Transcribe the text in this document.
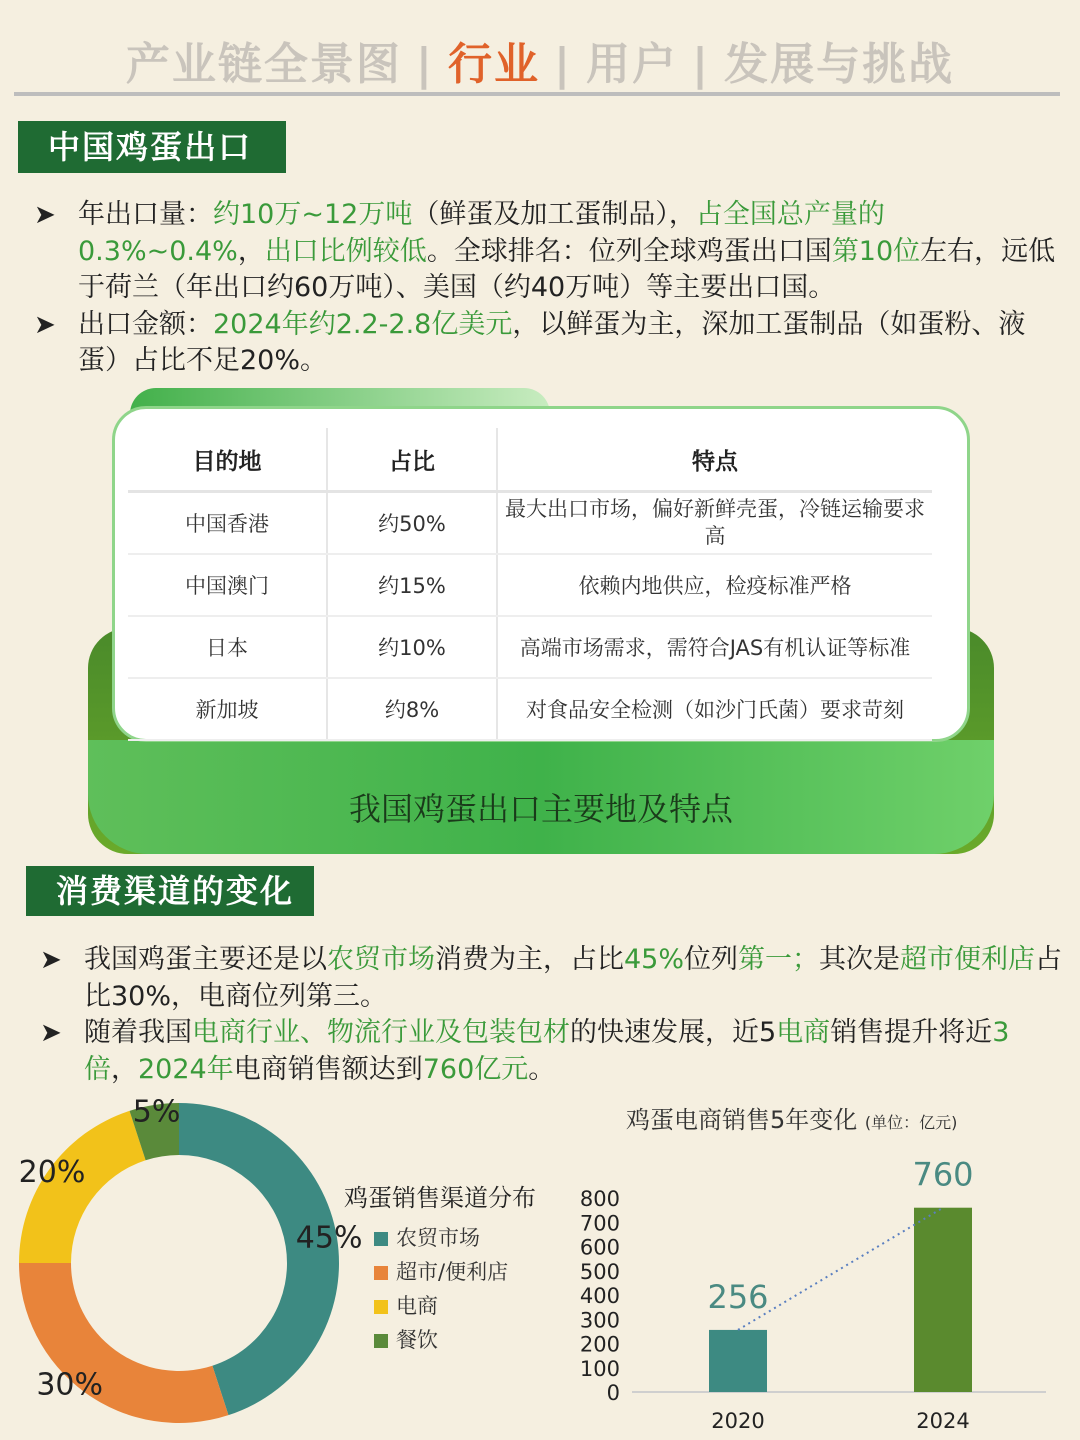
产业链全景图 | 行业 | 用户 | 发展与挑战
中国鸡蛋出口
➤ 年出口量：约10万~12万吨（鲜蛋及加工蛋制品），占全国总产量的0.3%~0.4%，出口比例较低。全球排名：位列全球鸡蛋出口国第10位左右，远低于荷兰（年出口约60万吨）、美国（约40万吨）等主要出口国。
➤ 出口金额：2024年约2.2-2.8亿美元，以鲜蛋为主，深加工蛋制品（如蛋粉、液蛋）占比不足20%。
目的地	占比	特点
中国香港	约50%	最大出口市场，偏好新鲜壳蛋，冷链运输要求高
中国澳门	约15%	依赖内地供应，检疫标准严格
日本	约10%	高端市场需求，需符合JAS有机认证等标准
新加坡	约8%	对食品安全检测（如沙门氏菌）要求苛刻
我国鸡蛋出口主要地及特点
消费渠道的变化
➤ 我国鸡蛋主要还是以农贸市场消费为主，占比45%位列第一；其次是超市便利店占比30%，电商位列第三。
➤ 随着我国电商行业、物流行业及包装包材的快速发展，近5电商销售提升将近3倍，2024年电商销售额达到760亿元。
45%
30%
20%
5%
鸡蛋销售渠道分布
农贸市场
超市/便利店
电商
餐饮
鸡蛋电商销售5年变化 (单位：亿元)
0
100
200
300
400
500
600
700
800
256
2020
760
2024
